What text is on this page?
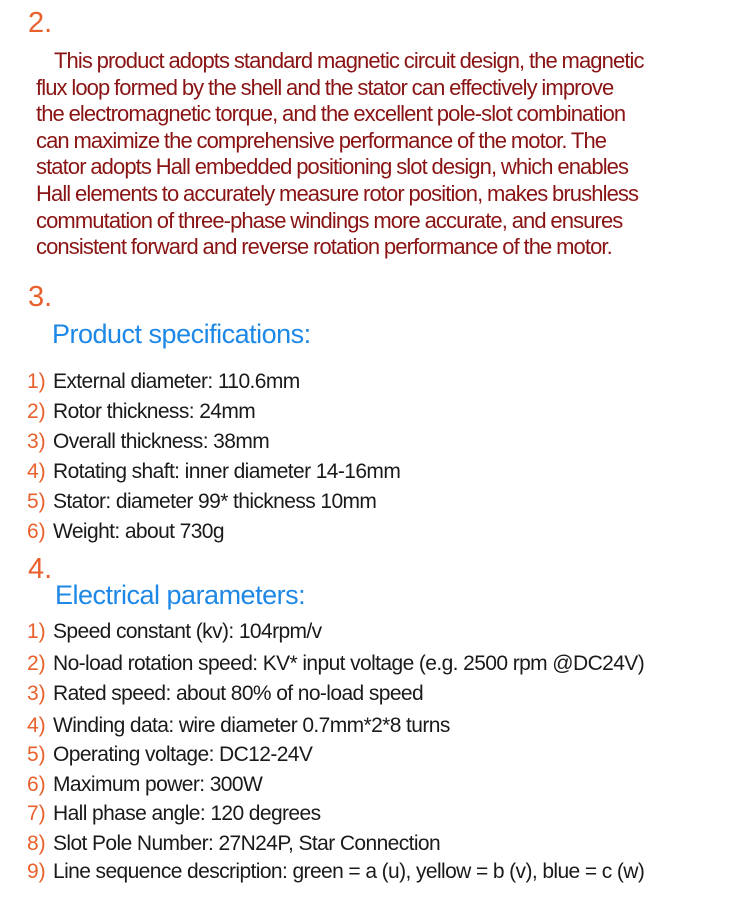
2.
This product adopts standard magnetic circuit design, the magnetic
flux loop formed by the shell and the stator can effectively improve
the electromagnetic torque, and the excellent pole-slot combination
can maximize the comprehensive performance of the motor. The
stator adopts Hall embedded positioning slot design, which enables
Hall elements to accurately measure rotor position, makes brushless
commutation of three-phase windings more accurate, and ensures
consistent forward and reverse rotation performance of the motor.
3.
Product specifications:
1) External diameter: 110.6mm
2) Rotor thickness: 24mm
3) Overall thickness: 38mm
4) Rotating shaft: inner diameter 14-16mm
5) Stator: diameter 99* thickness 10mm
6) Weight: about 730g
4.
Electrical parameters:
1) Speed constant (kv): 104rpm/v
2) No-load rotation speed: KV* input voltage (e.g. 2500 rpm @DC24V)
3) Rated speed: about 80% of no-load speed
4) Winding data: wire diameter 0.7mm*2*8 turns
5) Operating voltage: DC12-24V
6) Maximum power: 300W
7) Hall phase angle: 120 degrees
8) Slot Pole Number: 27N24P, Star Connection
9) Line sequence description: green = a (u), yellow = b (v), blue = c (w)
